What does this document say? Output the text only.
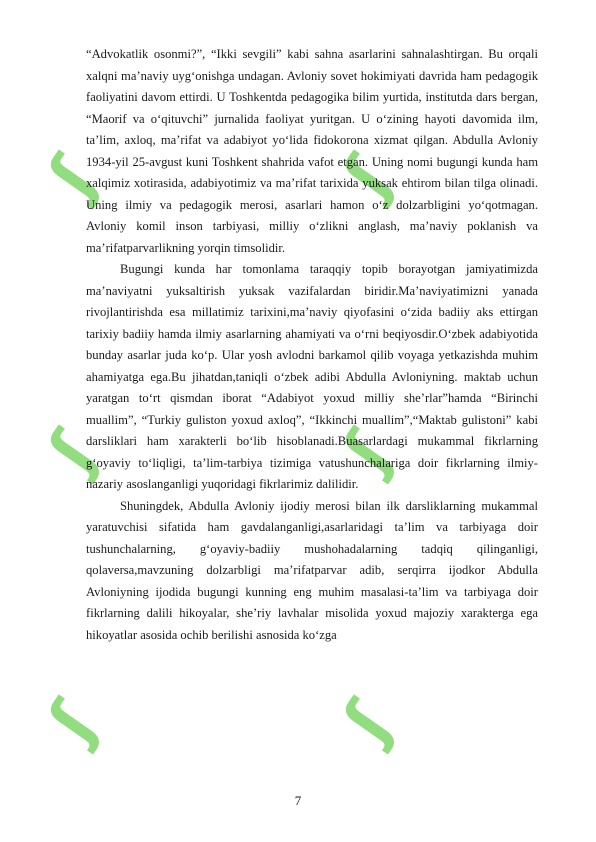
ʃ	ʃ
ʃ	ʃ
ʃ	ʃ

“Advokatlik osonmi?”, “Ikki sevgili” kabi sahna asarlarini sahnalashtirgan. Bu orqali xalqni ma’naviy uyg‘onishga undagan. Avloniy sovet hokimiyati davrida ham pedagogik faoliyatini davom ettirdi. U Toshkentda pedagogika bilim yurtida, institutda dars bergan, “Maorif va o‘qituvchi” jurnalida faoliyat yuritgan. U o‘zining hayoti davomida ilm, ta’lim, axloq, ma’rifat va adabiyot yo‘lida fidokorona xizmat qilgan. Abdulla Avloniy 1934-yil 25-avgust kuni Toshkent shahrida vafot etgan. Uning nomi bugungi kunda ham xalqimiz xotirasida, adabiyotimiz va ma’rifat tarixida yuksak ehtirom bilan tilga olinadi. Uning ilmiy va pedagogik merosi, asarlari hamon o‘z dolzarbligini yo‘qotmagan. Avloniy komil inson tarbiyasi, milliy o‘zlikni anglash, ma’naviy poklanish va ma’rifatparvarlikning yorqin timsolidir.

Bugungi kunda har tomonlama taraqqiy topib borayotgan jamiyatimizda ma’naviyatni yuksaltirish yuksak vazifalardan biridir.Ma’naviyatimizni yanada rivojlantirishda esa millatimiz tarixini,ma’naviy qiyofasini o‘zida badiiy aks ettirgan tarixiy badiiy hamda ilmiy asarlarning ahamiyati va o‘rni beqiyosdir.O‘zbek adabiyotida bunday asarlar juda ko‘p. Ular yosh avlodni barkamol qilib voyaga yetkazishda muhim ahamiyatga ega.Bu jihatdan,taniqli o‘zbek adibi Abdulla Avloniyning. maktab uchun yaratgan to‘rt qismdan iborat “Adabiyot yoxud milliy she’rlar”hamda “Birinchi muallim”, “Turkiy guliston yoxud axloq”, “Ikkinchi muallim”,“Maktab gulistoni” kabi darsliklari ham xarakterli bo‘lib hisoblanadi.Buasarlardagi mukammal fikrlarning g‘oyaviy to‘liqligi, ta’lim-tarbiya tizimiga vatushunchalariga doir fikrlarning ilmiy-nazariy asoslanganligi yuqoridagi fikrlarimiz dalilidir.

Shuningdek, Abdulla Avloniy ijodiy merosi bilan ilk darsliklarning mukammal yaratuvchisi sifatida ham gavdalanganligi,asarlaridagi ta’lim va tarbiyaga doir tushunchalarning, g‘oyaviy-badiiy mushohadalarning tadqiq qilinganligi, qolaversa,mavzuning dolzarbligi ma’rifatparvar adib, serqirra ijodkor Abdulla Avloniyning ijodida bugungi kunning eng muhim masalasi-ta’lim va tarbiyaga doir fikrlarning dalili hikoyalar, she’riy lavhalar misolida yoxud majoziy xarakterga ega hikoyatlar asosida ochib berilishi asnosida ko‘zga

7
